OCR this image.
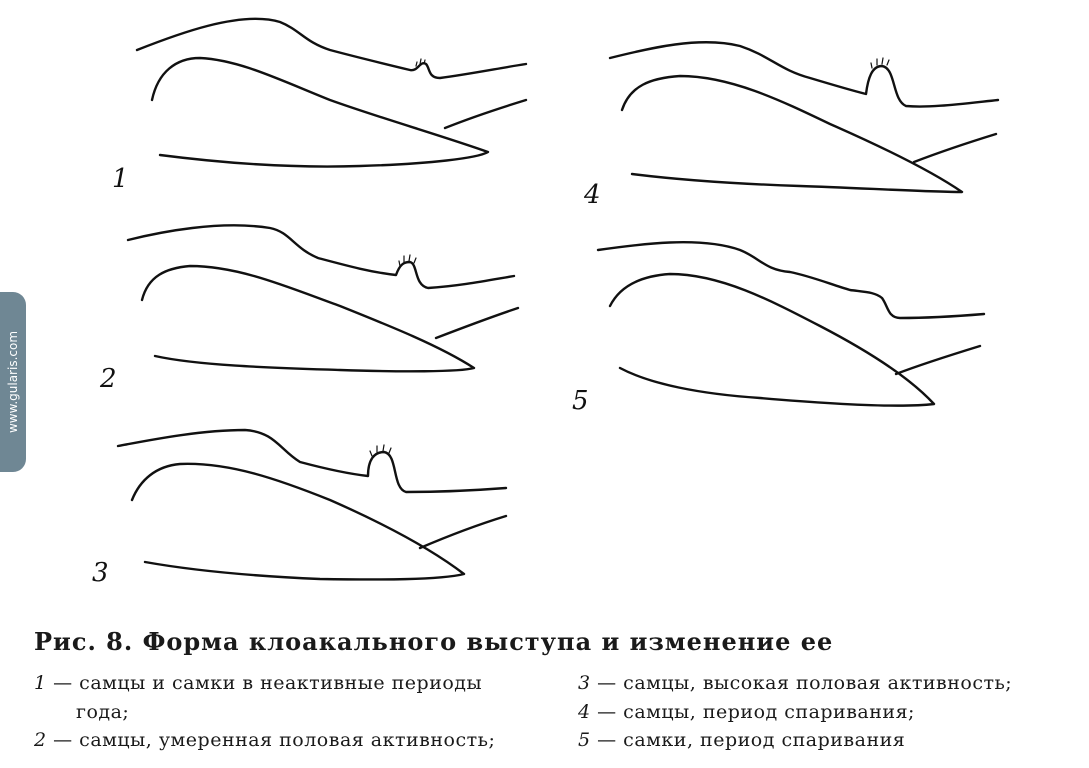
1
2
3
4
5
Рис. 8. Форма клоакального выступа и изменение ее
1 — самцы и самки в неактивные периоды
года;
2 — самцы, умеренная половая активность;
3 — самцы, высокая половая активность;
4 — самцы, период спаривания;
5 — самки, период спаривания
www.gularis.com
